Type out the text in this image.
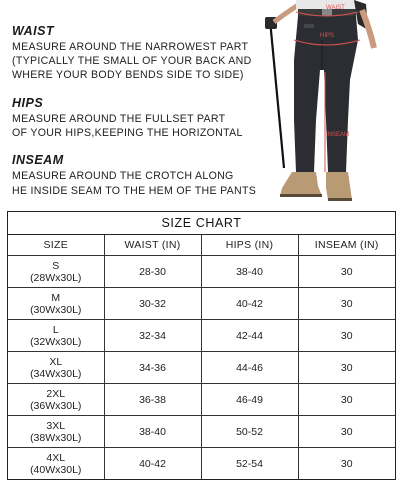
WAIST
MEASURE AROUND THE NARROWEST PART
(TYPICALLY THE SMALL OF YOUR BACK AND
WHERE YOUR BODY BENDS SIDE TO SIDE)
HIPS
MEASURE AROUND THE FULLSET PART
OF YOUR HIPS,KEEPING THE HORIZONTAL
INSEAM
MEASURE AROUND THE CROTCH ALONG
HE INSIDE SEAM TO THE HEM OF THE PANTS
WAIST
HIPS
INSEAM
SIZE CHART
SIZE	WAIST (IN)	HIPS (IN)	INSEAM (IN)

S
(28Wx30L)	28-30	38-40	30

M
(30Wx30L)	30-32	40-42	30

L
(32Wx30L)	32-34	42-44	30

XL
(34Wx30L)	34-36	44-46	30

2XL
(36Wx30L)	36-38	46-49	30

3XL
(38Wx30L)	38-40	50-52	30

4XL
(40Wx30L)	40-42	52-54	30
